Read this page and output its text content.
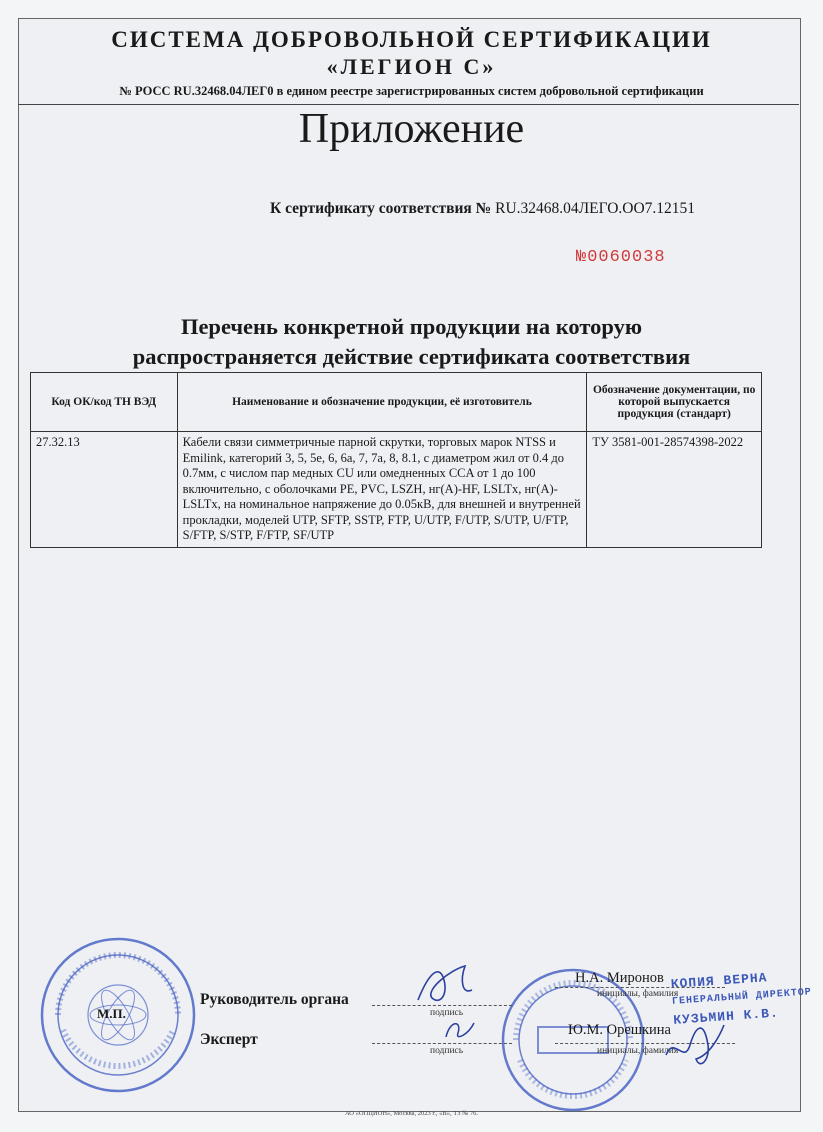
СИСТЕМА ДОБРОВОЛЬНОЙ СЕРТИФИКАЦИИ
«ЛЕГИОН С»
№ РОСС RU.32468.04ЛЕГ0 в едином реестре зарегистрированных систем добровольной сертификации
Приложение
К сертификату соответствия № RU.32468.04ЛЕГО.ОО7.12151
№0060038
Перечень конкретной продукции на которую
распространяется действие сертификата соответствия
Код ОК/код ТН ВЭД	Наименование и обозначение продукции, её изготовитель	Обозначение документации, по которой выпускается продукция (стандарт)
27.32.13	Кабели связи симметричные парной скрутки, торговых марок NTSS и Emilink, категорий 3, 5, 5е, 6, 6а, 7, 7а, 8, 8.1, с диаметром жил от 0.4 до 0.7мм, с числом пар медных CU или омедненных CCA от 1 до 100 включительно, с оболочками PE, PVC, LSZH, нг(A)-HF, LSLTx, нг(A)-LSLTx, на номинальное напряжение до 0.05кВ, для внешней и внутренней прокладки, моделей UTP, SFTP, SSTP, FTP, U/UTP, F/UTP, S/UTP, U/FTP, S/FTP, S/STP, F/FTP, SF/UTP	ТУ 3581-001-28574398-2022
М.П.
КОПИЯ ВЕРНА
ГЕНЕРАЛЬНЫЙ ДИРЕКТОР
КУЗЬМИН К.В.
Руководитель органа
подпись
Н.А. Миронов
инициалы, фамилия
Эксперт
подпись
Ю.М. Орешкина
инициалы, фамилия
АО «ОПЦИОН», Москва, 2023 г., «В», ТЗ № 76.
